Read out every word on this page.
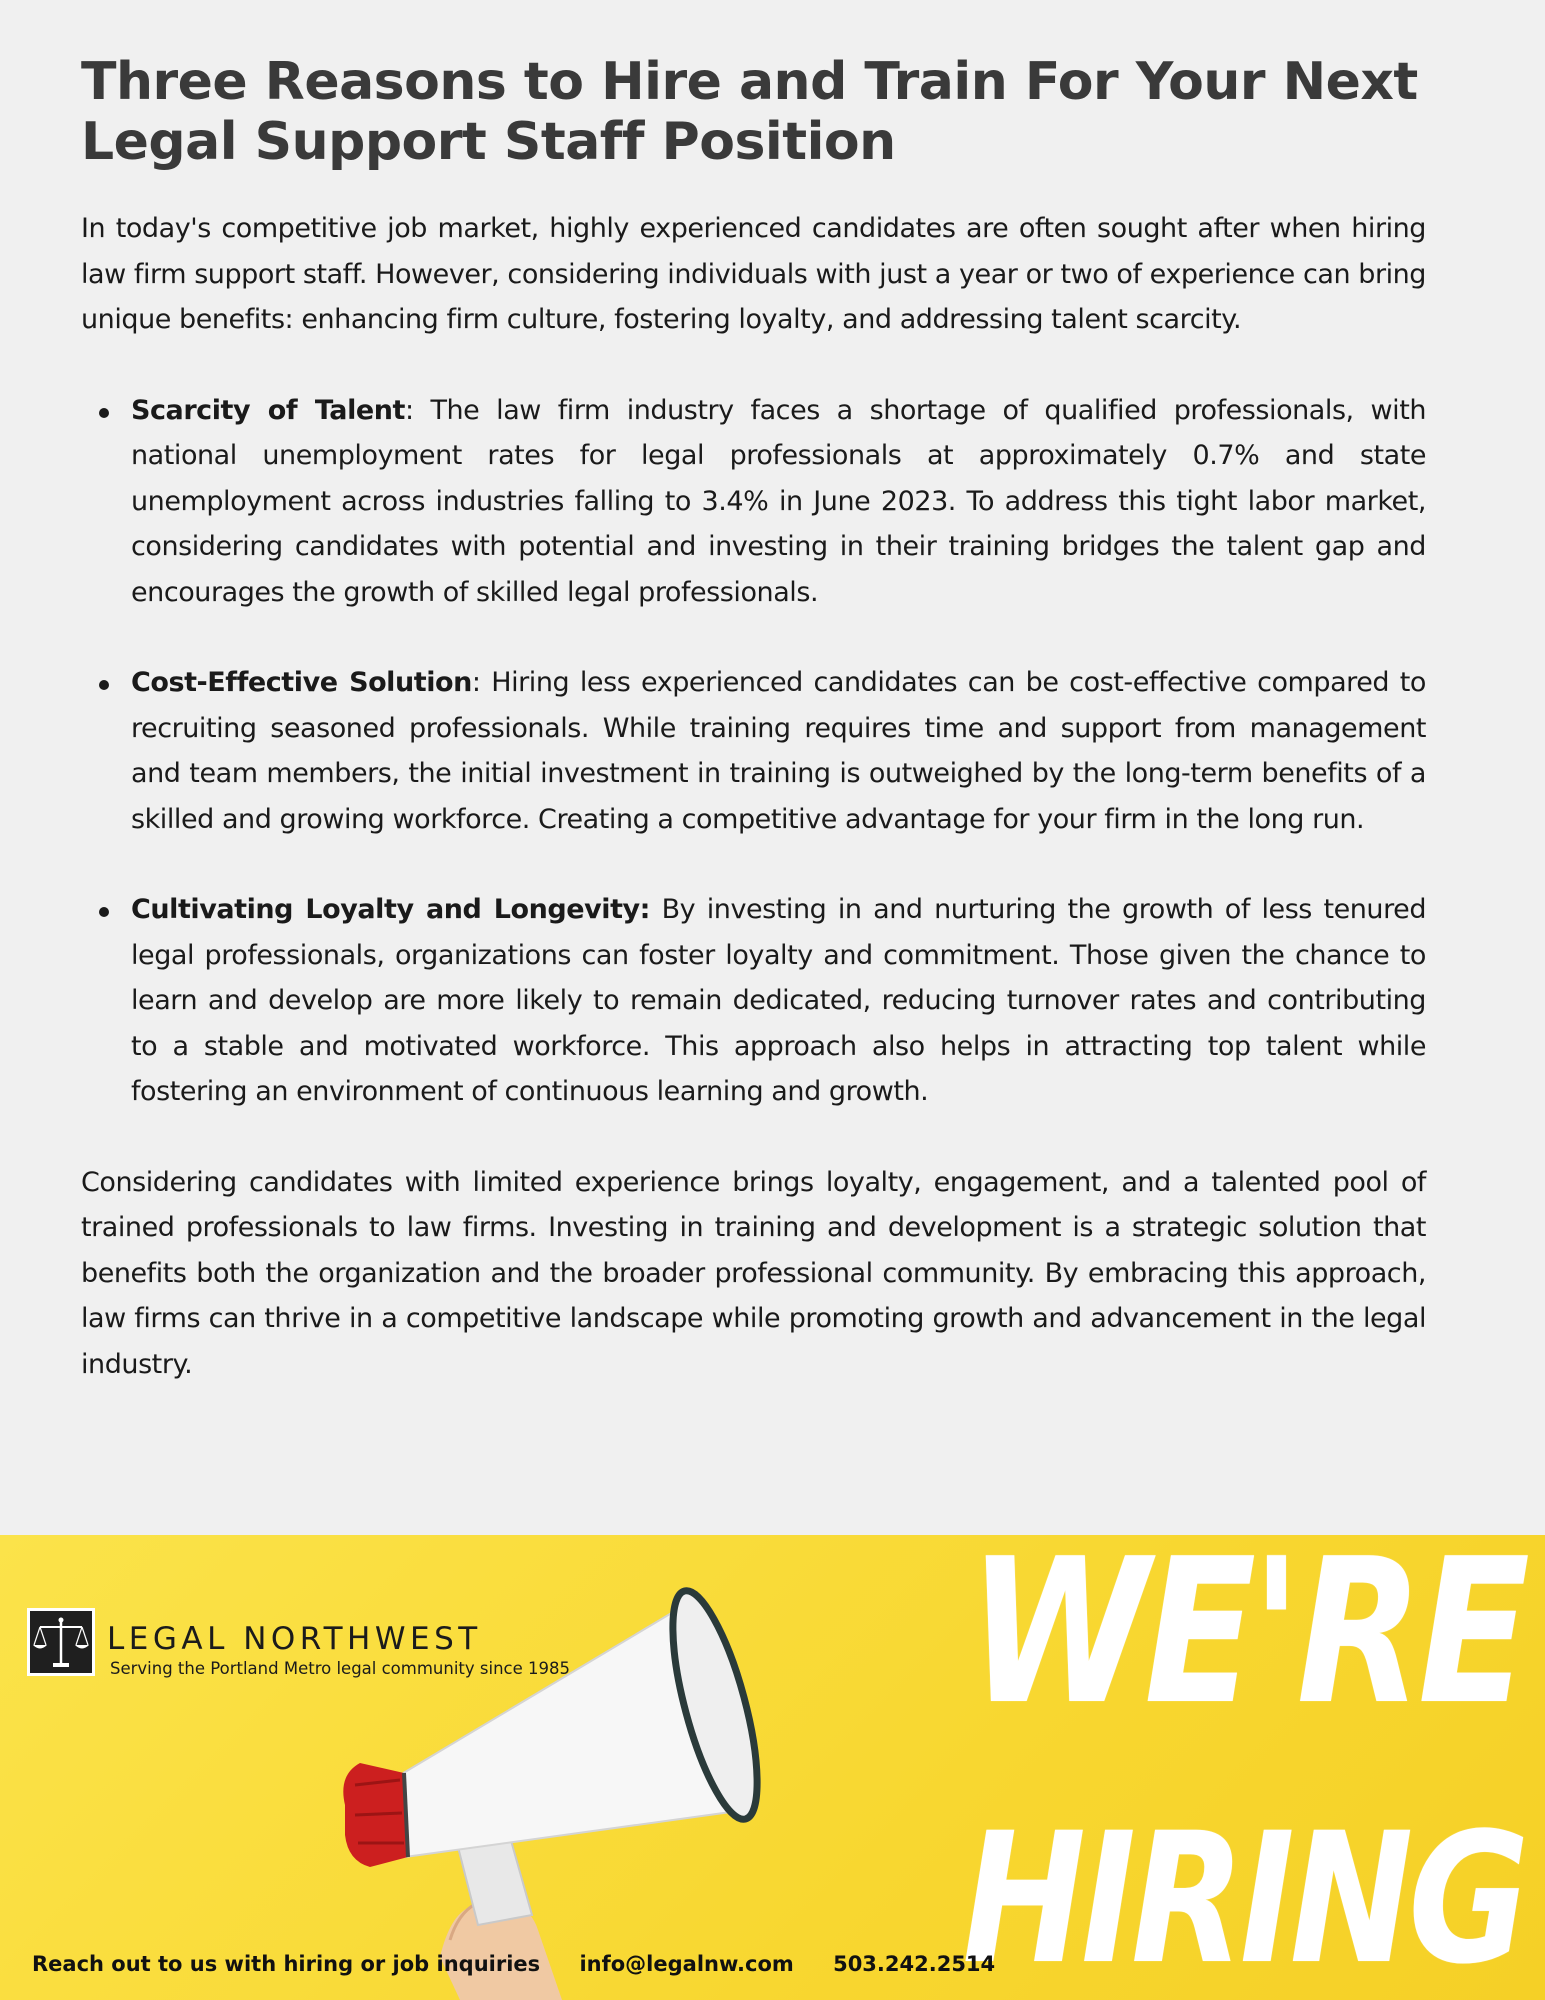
Three Reasons to Hire and Train For Your Next Legal Support Staff Position

In today's competitive job market, highly experienced candidates are often sought after when hiring law firm support staff. However, considering individuals with just a year or two of experience can bring unique benefits: enhancing firm culture, fostering loyalty, and addressing talent scarcity.

Scarcity of Talent: The law firm industry faces a shortage of qualified professionals, with national unemployment rates for legal professionals at approximately 0.7% and state unemployment across industries falling to 3.4% in June 2023. To address this tight labor market, considering candidates with potential and investing in their training bridges the talent gap and encourages the growth of skilled legal professionals.
Cost-Effective Solution: Hiring less experienced candidates can be cost-effective compared to recruiting seasoned professionals. While training requires time and support from management and team members, the initial investment in training is outweighed by the long-term benefits of a skilled and growing workforce. Creating a competitive advantage for your firm in the long run.
Cultivating Loyalty and Longevity: By investing in and nurturing the growth of less tenured legal professionals, organizations can foster loyalty and commitment. Those given the chance to learn and develop are more likely to remain dedicated, reducing turnover rates and contributing to a stable and motivated workforce. This approach also helps in attracting top talent while fostering an environment of continuous learning and growth.

Considering candidates with limited experience brings loyalty, engagement, and a talented pool of trained professionals to law firms. Investing in training and development is a strategic solution that benefits both the organization and the broader professional community. By embracing this approach, law firms can thrive in a competitive landscape while promoting growth and advancement in the legal industry.

LEGAL NORTHWEST
Serving the Portland Metro legal community since 1985 WE'RE
HIRING
Reach out to us with hiring or job inquiries info@legalnw.com 503.242.2514
